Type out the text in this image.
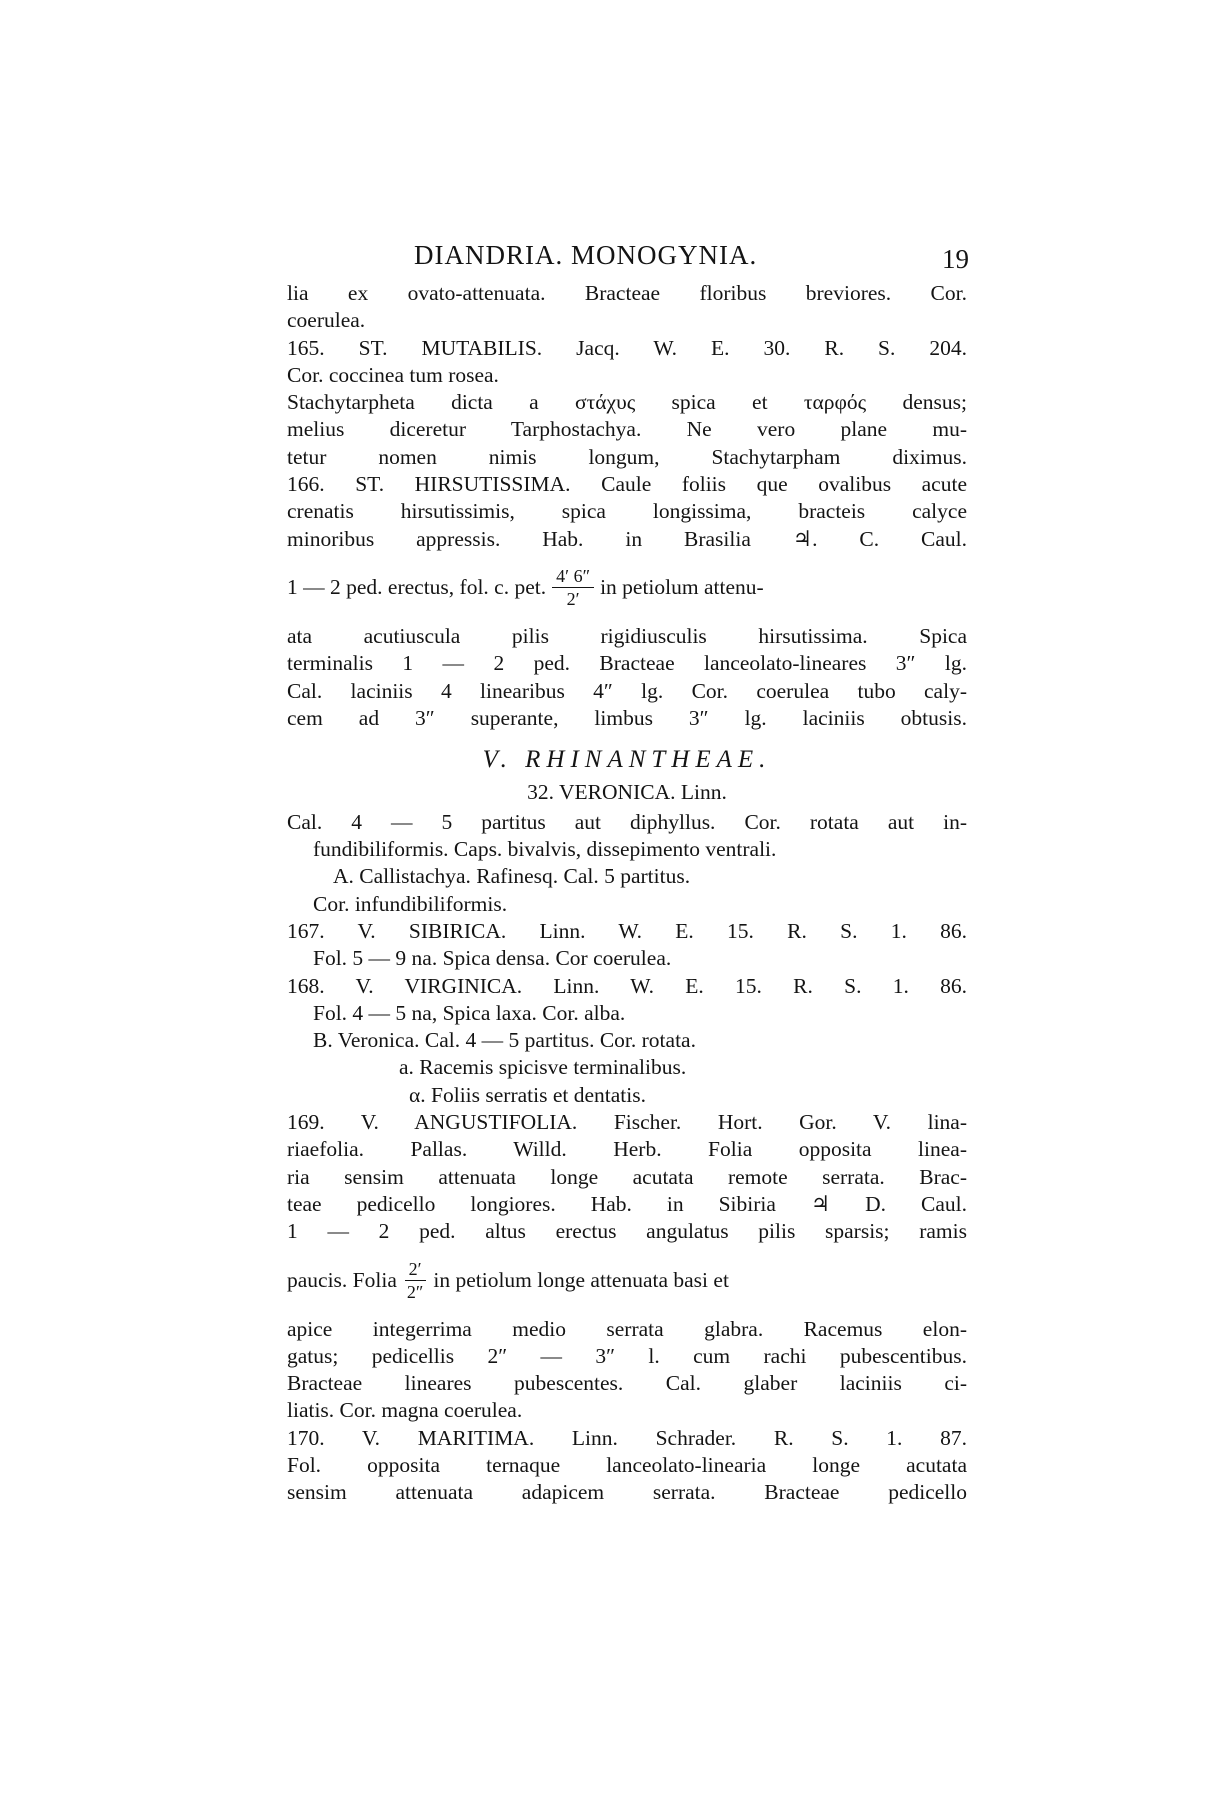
DIANDRIA. MONOGYNIA.	19
lia ex ovato-attenuata. Bracteae floribus breviores. Cor.
coerulea.
165. ST. MUTABILIS. Jacq. W. E. 30. R. S. 204.
Cor. coccinea tum rosea.
Stachytarpheta dicta a στάχυς spica et ταρφός densus;
melius diceretur Tarphostachya. Ne vero plane mu-
tetur nomen nimis longum, Stachytarpham diximus.
166. ST. HIRSUTISSIMA. Caule foliis que ovalibus acute
crenatis hirsutissimis, spica longissima, bracteis calyce
minoribus appressis. Hab. in Brasilia ♃. C. Caul.
1 — 2 ped. erectus, fol. c. pet. $\frac{4' 6''}{2'}$ in petiolum attenu-
ata acutiuscula pilis rigidiusculis hirsutissima. Spica
terminalis 1 — 2 ped. Bracteae lanceolato-lineares 3″ lg.
Cal. laciniis 4 linearibus 4″ lg. Cor. coerulea tubo caly-
cem ad 3″ superante, limbus 3″ lg. laciniis obtusis.
V. RHINANTHEAE.
32. VERONICA. Linn.
Cal. 4 — 5 partitus aut diphyllus. Cor. rotata aut in-
fundibiliformis. Caps. bivalvis, dissepimento ventrali.
A. Callistachya. Rafinesq. Cal. 5 partitus.
Cor. infundibiliformis.
167. V. SIBIRICA. Linn. W. E. 15. R. S. 1. 86.
Fol. 5 — 9 na. Spica densa. Cor coerulea.
168. V. VIRGINICA. Linn. W. E. 15. R. S. 1. 86.
Fol. 4 — 5 na, Spica laxa. Cor. alba.
B. Veronica. Cal. 4 — 5 partitus. Cor. rotata.
a. Racemis spicisve terminalibus.
α. Foliis serratis et dentatis.
169. V. ANGUSTIFOLIA. Fischer. Hort. Gor. V. lina-
riaefolia. Pallas. Willd. Herb. Folia opposita linea-
ria sensim attenuata longe acutata remote serrata. Brac-
teae pedicello longiores. Hab. in Sibiria ♃ D. Caul.
1 — 2 ped. altus erectus angulatus pilis sparsis; ramis
paucis. Folia $\frac{2'}{2''}$ in petiolum longe attenuata basi et
apice integerrima medio serrata glabra. Racemus elon-
gatus; pedicellis 2″ — 3″ l. cum rachi pubescentibus.
Bracteae lineares pubescentes. Cal. glaber laciniis ci-
liatis. Cor. magna coerulea.
170. V. MARITIMA. Linn. Schrader. R. S. 1. 87.
Fol. opposita ternaque lanceolato-linearia longe acutata
sensim attenuata adapicem serrata. Bracteae pedicello
